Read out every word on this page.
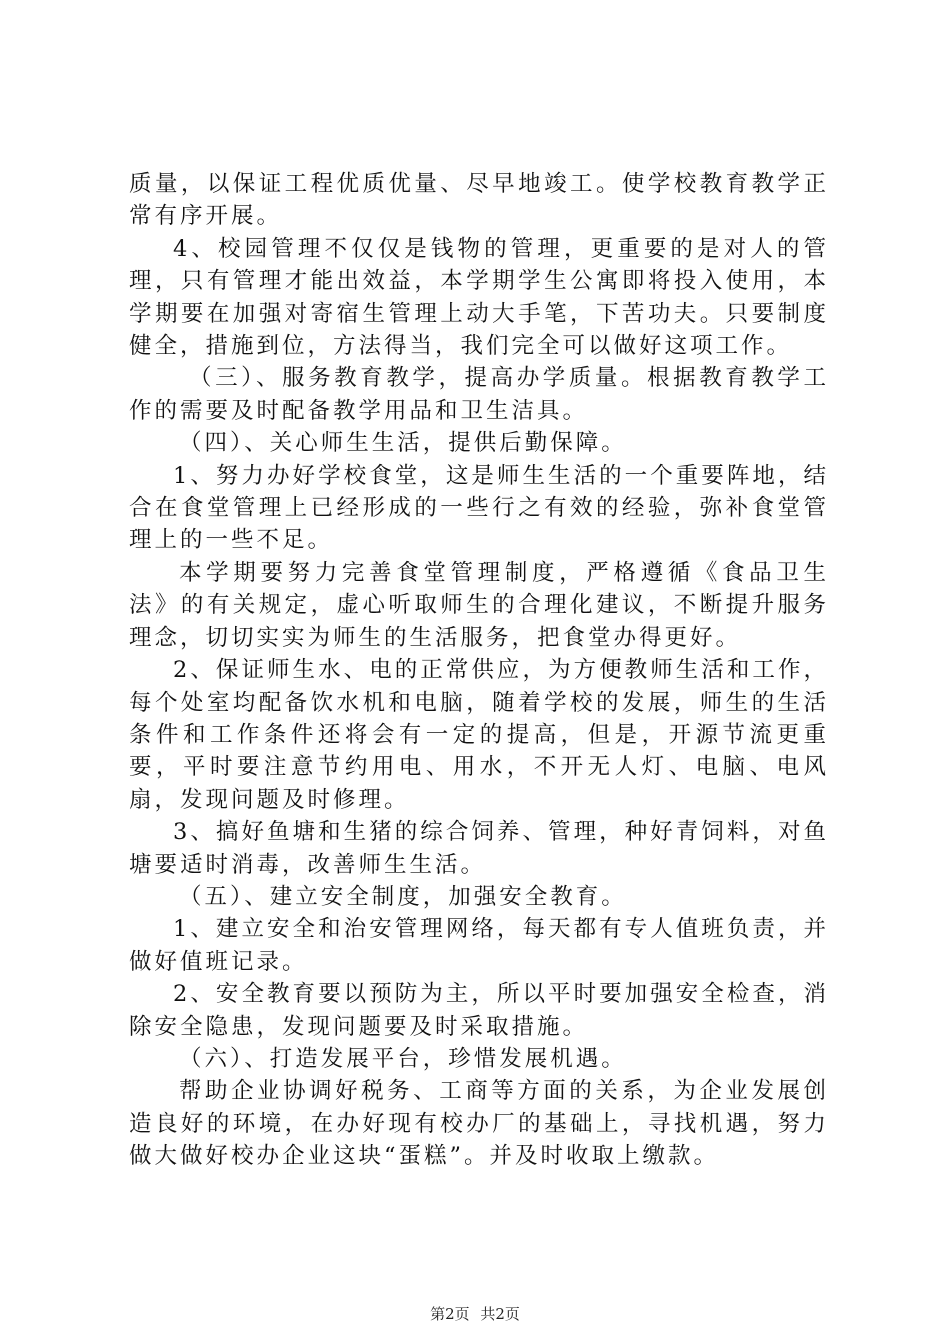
质量，以保证工程优质优量、尽早地竣工。使学校教育教学正常有序开展。

4、校园管理不仅仅是钱物的管理，更重要的是对人的管理，只有管理才能出效益，本学期学生公寓即将投入使用，本学期要在加强对寄宿生管理上动大手笔，下苦功夫。只要制度健全，措施到位，方法得当，我们完全可以做好这项工作。

（三）、服务教育教学，提高办学质量。根据教育教学工作的需要及时配备教学用品和卫生洁具。

（四）、关心师生生活，提供后勤保障。

1、努力办好学校食堂，这是师生生活的一个重要阵地，结合在食堂管理上已经形成的一些行之有效的经验，弥补食堂管理上的一些不足。

本学期要努力完善食堂管理制度，严格遵循《食品卫生法》的有关规定，虚心听取师生的合理化建议，不断提升服务理念，切切实实为师生的生活服务，把食堂办得更好。

2、保证师生水、电的正常供应，为方便教师生活和工作，每个处室均配备饮水机和电脑，随着学校的发展，师生的生活条件和工作条件还将会有一定的提高，但是，开源节流更重要，平时要注意节约用电、用水，不开无人灯、电脑、电风扇，发现问题及时修理。

3、搞好鱼塘和生猪的综合饲养、管理，种好青饲料，对鱼塘要适时消毒，改善师生生活。

（五）、建立安全制度，加强安全教育。

1、建立安全和治安管理网络，每天都有专人值班负责，并做好值班记录。

2、安全教育要以预防为主，所以平时要加强安全检查，消除安全隐患，发现问题要及时采取措施。

（六）、打造发展平台，珍惜发展机遇。

帮助企业协调好税务、工商等方面的关系，为企业发展创造良好的环境，在办好现有校办厂的基础上，寻找机遇，努力做大做好校办企业这块“蛋糕”。并及时收取上缴款。

第2页 共2页
